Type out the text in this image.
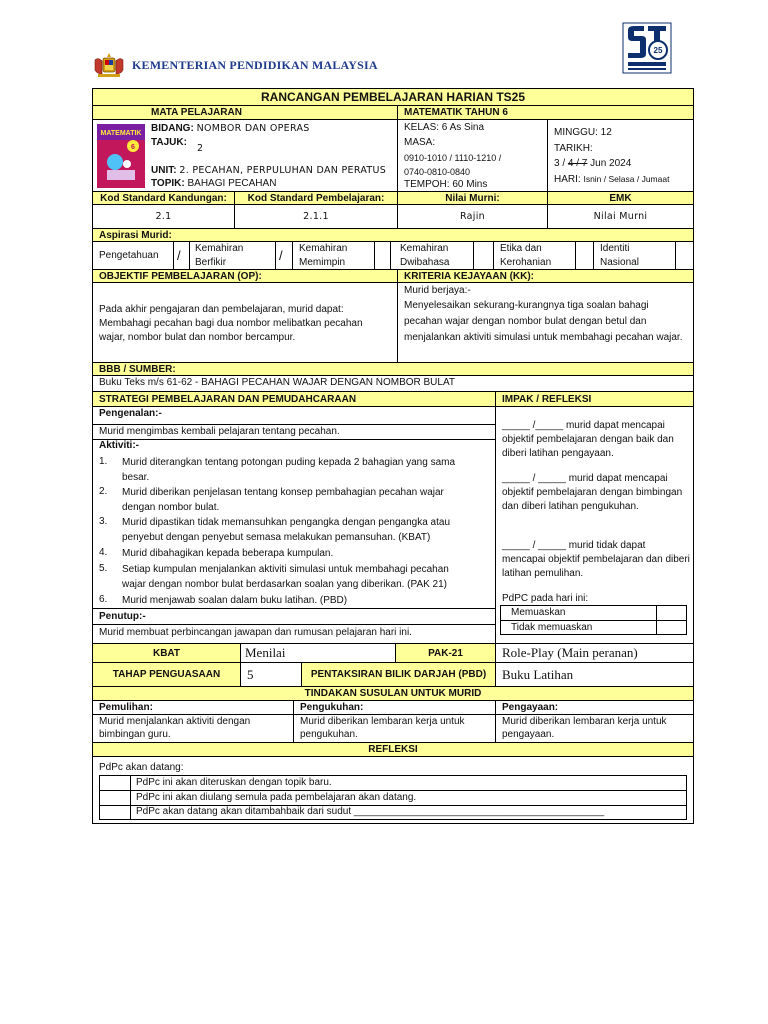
KEMENTERIAN PENDIDIKAN MALAYSIA
25
RANCANGAN PEMBELAJARAN HARIAN TS25
MATA PELAJARAN	MATEMATIK TAHUN 6
MATEMATIK
6
BIDANG: NOMBOR DAN OPERAS
TAJUK:
2
UNIT: 2. PECAHAN, PERPULUHAN DAN PERATUS
TOPIK: BAHAGI PECAHAN
KELAS: 6 As Sina
MASA:
0910-1010 / 1110-1210 /
0740-0810-0840
TEMPOH: 60 Mins
MINGGU: 12
TARIKH:
3 / 4 / 7 Jun 2024
HARI: Isnin / Selasa / Jumaat
Kod Standard Kandungan:	Kod Standard Pembelajaran:	Nilai Murni:	EMK
2.1	2.1.1	Rajin	Nilai Murni
Aspirasi Murid:
Pengetahuan / Kemahiran Berfikir	/ Kemahiran Memimpin
Kemahiran Dwibahasa
Etika dan Kerohanian
Identiti Nasional
OBJEKTIF PEMBELAJARAN (OP):	KRITERIA KEJAYAAN (KK):
Pada akhir pengajaran dan pembelajaran, murid dapat: Membahagi pecahan bagi dua nombor melibatkan pecahan wajar, nombor bulat dan nombor bercampur.
Murid berjaya:-
Menyelesaikan sekurang-kurangnya tiga soalan bahagi pecahan wajar dengan nombor bulat dengan betul dan menjalankan aktiviti simulasi untuk membahagi pecahan wajar.
BBB / SUMBER:
Buku Teks m/s 61-62 - BAHAGI PECAHAN WAJAR DENGAN NOMBOR BULAT
STRATEGI PEMBELAJARAN DAN PEMUDAHCARAAN	IMPAK / REFLEKSI
Pengenalan:-
Murid mengimbas kembali pelajaran tentang pecahan.
Aktiviti:-
1. Murid diterangkan tentang potongan puding kepada 2 bahagian yang sama besar.
2. Murid diberikan penjelasan tentang konsep pembahagian pecahan wajar dengan nombor bulat.
3. Murid dipastikan tidak memansuhkan pengangka dengan pengangka atau penyebut dengan penyebut semasa melakukan pemansuhan. (KBAT)
4. Murid dibahagikan kepada beberapa kumpulan.
5. Setiap kumpulan menjalankan aktiviti simulasi untuk membahagi pecahan wajar dengan nombor bulat berdasarkan soalan yang diberikan. (PAK 21)
6. Murid menjawab soalan dalam buku latihan. (PBD)
Penutup:-
Murid membuat perbincangan jawapan dan rumusan pelajaran hari ini.
_____ /_____ murid dapat mencapai objektif pembelajaran dengan baik dan diberi latihan pengayaan.
_____ / _____ murid dapat mencapai objektif pembelajaran dengan bimbingan dan diberi latihan pengukuhan.
_____ / _____ murid tidak dapat mencapai objektif pembelajaran dan diberi latihan pemulihan.
PdPC pada hari ini:
Memuaskan
Tidak memuaskan
KBAT	Menilai	PAK-21	Role-Play (Main peranan)
TAHAP PENGUASAAN	5	PENTAKSIRAN BILIK DARJAH (PBD)	Buku Latihan
TINDAKAN SUSULAN UNTUK MURID
Pemulihan:	Pengukuhan:	Pengayaan:
Murid menjalankan aktiviti dengan bimbingan guru.
Murid diberikan lembaran kerja untuk pengukuhan.
Murid diberikan lembaran kerja untuk pengayaan.
REFLEKSI
PdPc akan datang:
PdPc ini akan diteruskan dengan topik baru.
PdPc ini akan diulang semula pada pembelajaran akan datang.
PdPc akan datang akan ditambahbaik dari sudut _____________________________________________
